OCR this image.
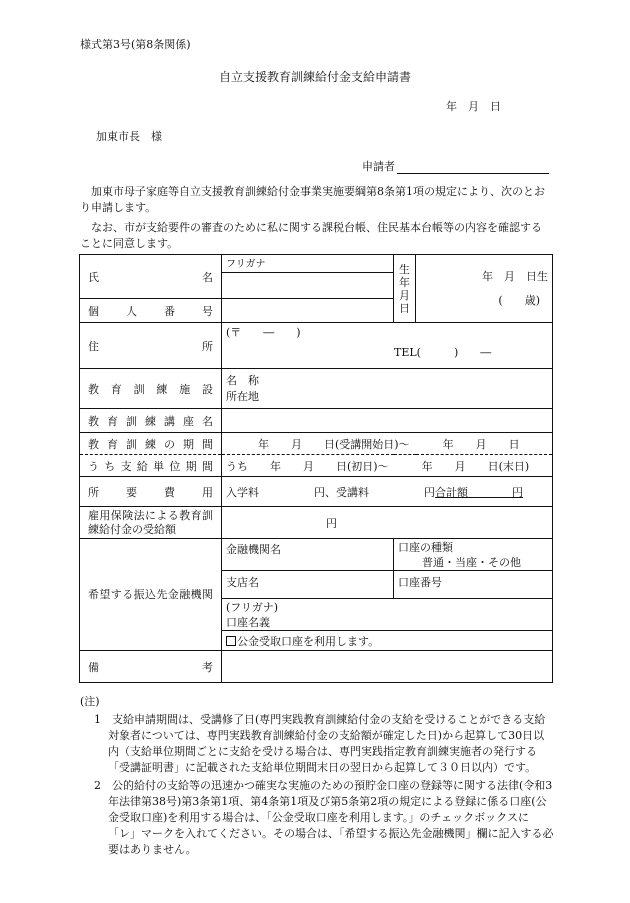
様式第3号(第8条関係)
自立支援教育訓練給付金支給申請書
年　月　日
加東市長　様
申請者
加東市母子家庭等自立支援教育訓練給付金事業実施要綱第8条第1項の規定により、次のとおり申請します。
なお、市が支給要件の審査のために私に関する課税台帳、住民基本台帳等の内容を確認することに同意します。
氏名	フリガナ	生年月日	年　月　日生
(　　歳)

個人番号			
住所	(〒　　―　　)
TEL(　　　)　　―		

教育訓練施設	名　称
所在地		

教育訓練講座名			
教育訓練の期間	年　　月　　日(受講開始日)～　　　年　　月　　日		
うち支給単位期間	うち　　年　　月　　日(初日)～　　　年　　月　　日(末日)		
所要費用	入学料　　　　　円、受講料　　　　　円合計額　　　　円		
雇用保険法による教育訓練給付金の受給額	円		
希望する振込先金融機関	金融機関名	口座の種類
普通・当座・その他	

	支店名	口座番号	

	(フリガナ)
口座名義		

	公金受取口座を利用します。		
備考			
(注)
1　支給申請期間は、受講修了日(専門実践教育訓練給付金の支給を受けることができる支給対象者については、専門実践教育訓練給付金の支給額が確定した日)から起算して30日以内（支給単位期間ごとに支給を受ける場合は、専門実践指定教育訓練実施者の発行する「受講証明書」に記載された支給単位期間末日の翌日から起算して３０日以内）です。
2　公的給付の支給等の迅速かつ確実な実施のための預貯金口座の登録等に関する法律(令和3年法律第38号)第3条第1項、第4条第1項及び第5条第2項の規定による登録に係る口座(公金受取口座)を利用する場合は、「公金受取口座を利用します。」のチェックボックスに「レ」マークを入れてください。その場合は、「希望する振込先金融機関」欄に記入する必要はありません。
